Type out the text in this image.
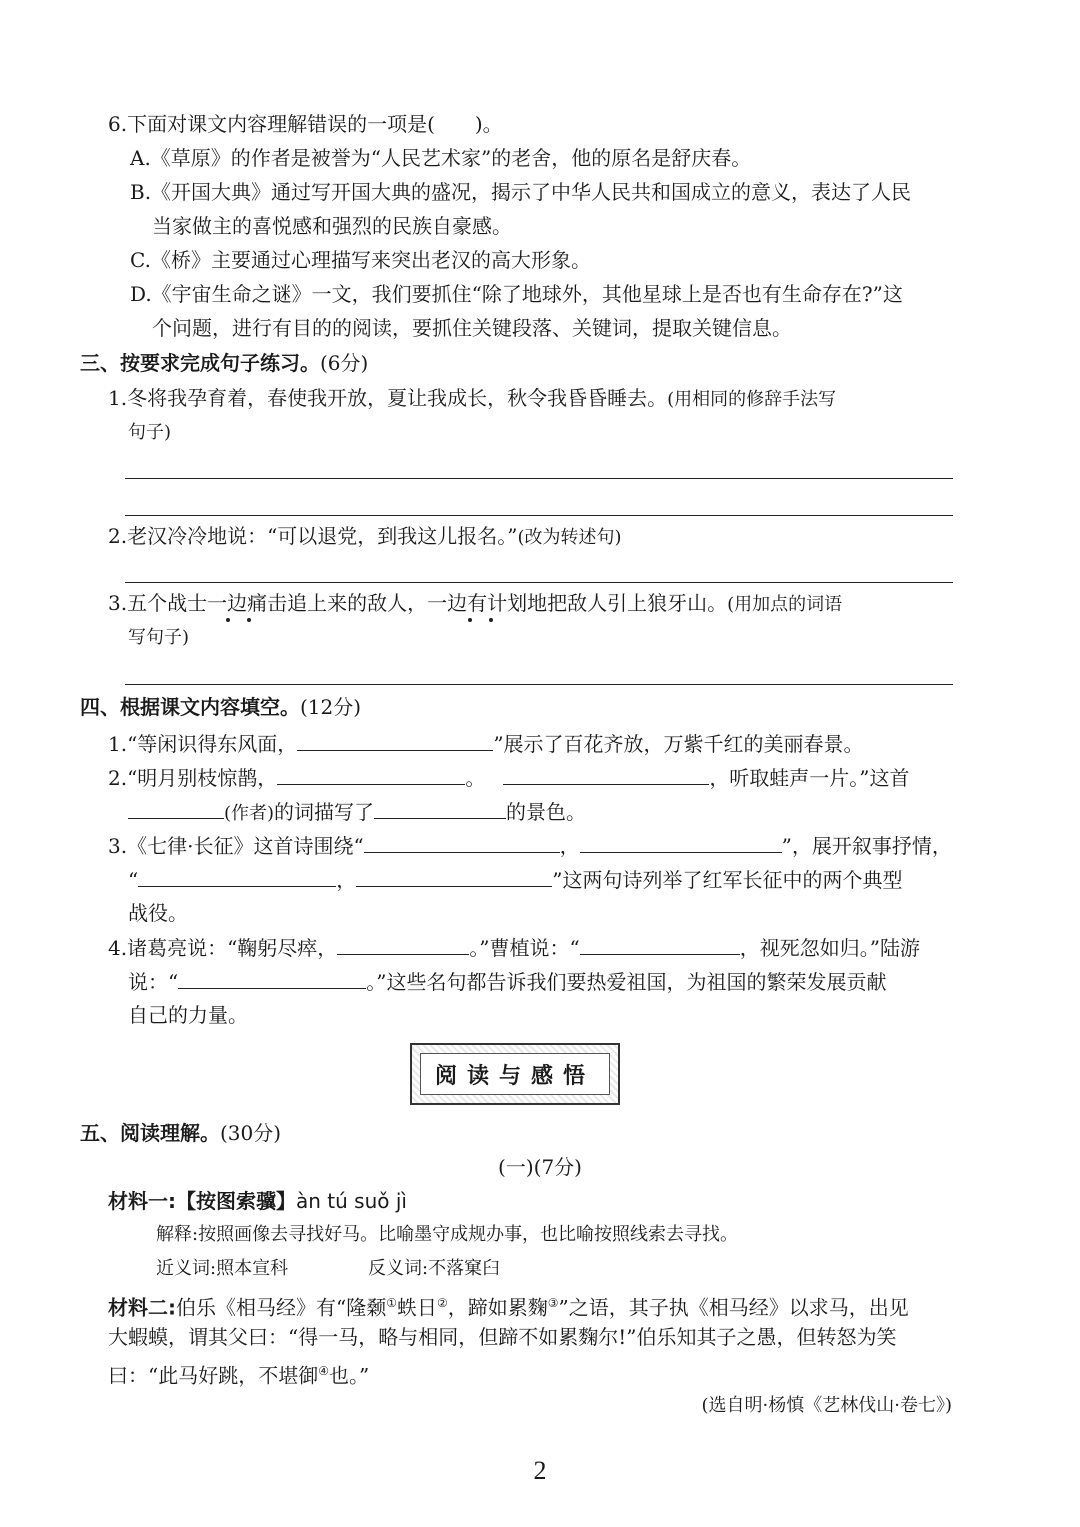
6.下面对课文内容理解错误的一项是(　　)。
A.《草原》的作者是被誉为“人民艺术家”的老舍，他的原名是舒庆春。
B.《开国大典》通过写开国大典的盛况，揭示了中华人民共和国成立的意义，表达了人民
当家做主的喜悦感和强烈的民族自豪感。
C.《桥》主要通过心理描写来突出老汉的高大形象。
D.《宇宙生命之谜》一文，我们要抓住“除了地球外，其他星球上是否也有生命存在?”这
个问题，进行有目的的阅读，要抓住关键段落、关键词，提取关键信息。
三、按要求完成句子练习。(6分)
1.冬将我孕育着，春使我开放，夏让我成长，秋令我昏昏睡去。(用相同的修辞手法写
句子)
2.老汉冷冷地说：“可以退党，到我这儿报名。”(改为转述句)
3.五个战士一边痛击追上来的敌人，一边有计划地把敌人引上狼牙山。(用加点的词语
写句子)
四、根据课文内容填空。(12分)
1.“等闲识得东风面，	”展示了百花齐放，万紫千红的美丽春景。
2.“明月别枝惊鹊，	。	，听取蛙声一片。”这首
(作者)的词描写了	的景色。
3.《七律·长征》这首诗围绕“	，	”，展开叙事抒情，
“	，	”这两句诗列举了红军长征中的两个典型
战役。
4.诸葛亮说：“鞠躬尽瘁，	。”曹植说：“	，视死忽如归。”陆游
说：“	。”这些名句都告诉我们要热爱祖国，为祖国的繁荣发展贡献
自己的力量。
阅读与感悟
五、阅读理解。(30分)
(一)(7分)
材料一:【按图索骥】àn tú suǒ jì
解释:按照画像去寻找好马。比喻墨守成规办事，也比喻按照线索去寻找。
近义词:照本宣科	反义词:不落窠臼
材料二:伯乐《相马经》有“隆颡①蛈日②，蹄如累麴③”之语，其子执《相马经》以求马，出见
大蝦蟆，谓其父曰：“得一马，略与相同，但蹄不如累麴尔!”伯乐知其子之愚，但转怒为笑
曰：“此马好跳，不堪御④也。”
(选自明·杨慎《艺林伐山·卷七》)
2
